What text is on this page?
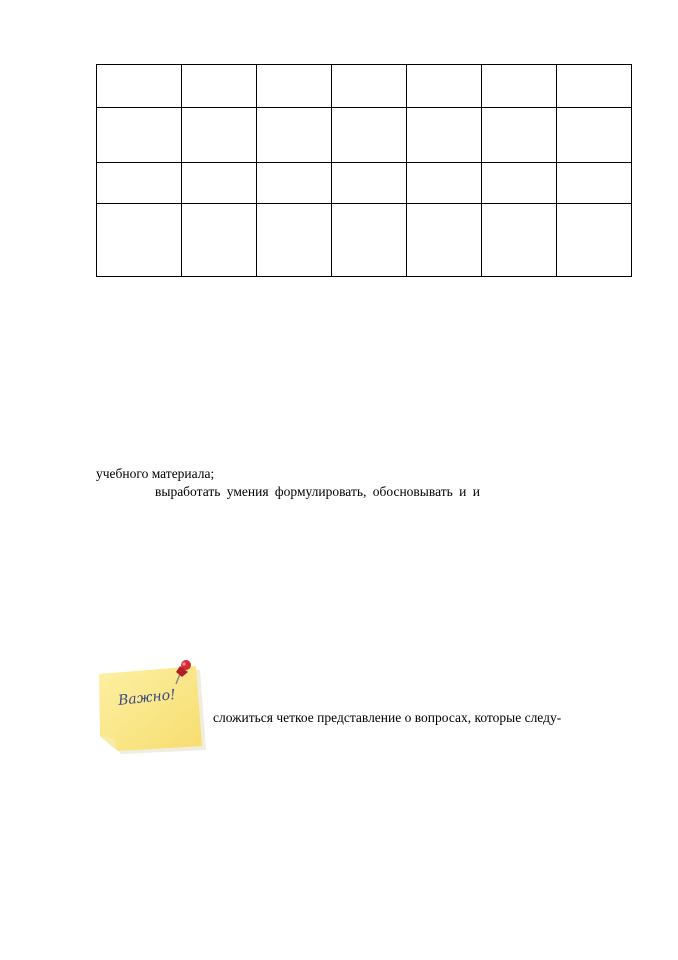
учебного материала;
выработать умения формулировать, обосновывать и и
Важно!
сложиться четкое представление о вопросах, которые следу-
